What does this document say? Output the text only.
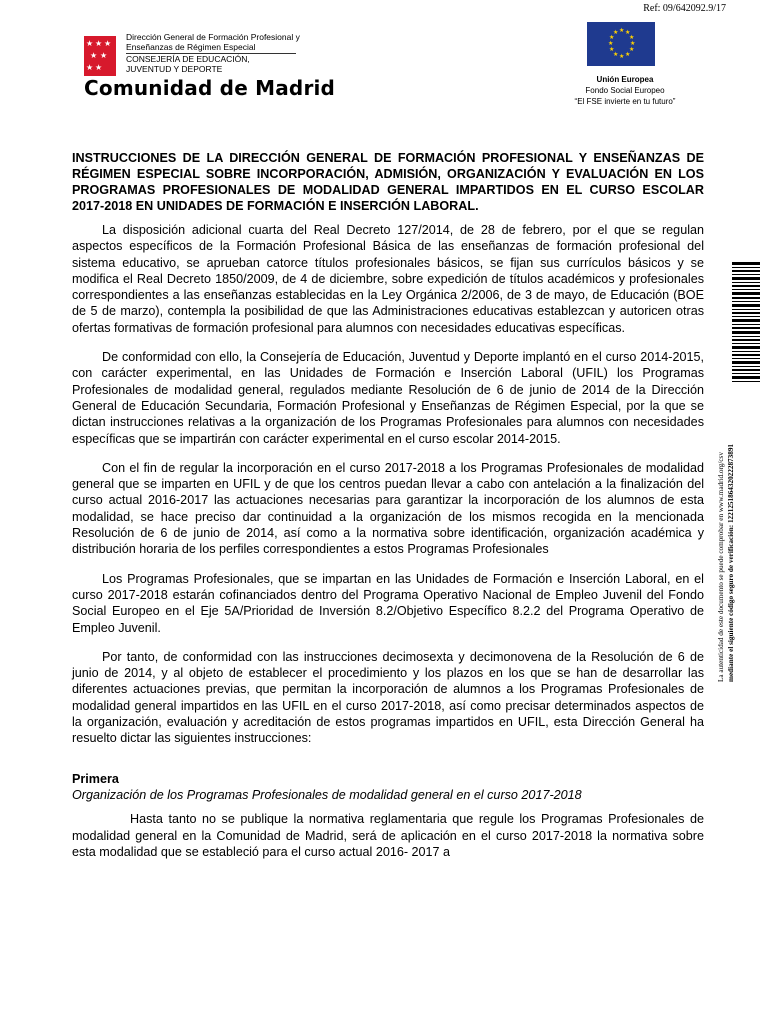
Ref: 09/642092.9/17
★ ★ ★
★ ★
★ ★
Dirección General de Formación Profesional y
Enseñanzas de Régimen Especial
CONSEJERÍA DE EDUCACIÓN,
JUVENTUD Y DEPORTE
Comunidad de Madrid
★ ★
★
★
★
★
★
★
★
★
★
★
Unión Europea
Fondo Social Europeo
“El FSE invierte en tu futuro”
La autenticidad de este documento se puede comprobar en www.madrid.org/csv mediante el siguiente código seguro de verificación: 1221251864320222873891

INSTRUCCIONES DE LA DIRECCIÓN GENERAL DE FORMACIÓN PROFESIONAL Y ENSEÑANZAS DE RÉGIMEN ESPECIAL SOBRE INCORPORACIÓN, ADMISIÓN, ORGANIZACIÓN Y EVALUACIÓN EN LOS PROGRAMAS PROFESIONALES DE MODALIDAD GENERAL IMPARTIDOS EN EL CURSO ESCOLAR 2017-2018 EN UNIDADES DE FORMACIÓN E INSERCIÓN LABORAL.

La disposición adicional cuarta del Real Decreto 127/2014, de 28 de febrero, por el que se regulan aspectos específicos de la Formación Profesional Básica de las enseñanzas de formación profesional del sistema educativo, se aprueban catorce títulos profesionales básicos, se fijan sus currículos básicos y se modifica el Real Decreto 1850/2009, de 4 de diciembre, sobre expedición de títulos académicos y profesionales correspondientes a las enseñanzas establecidas en la Ley Orgánica 2/2006, de 3 de mayo, de Educación (BOE de 5 de marzo), contempla la posibilidad de que las Administraciones educativas establezcan y autoricen otras ofertas formativas de formación profesional para alumnos con necesidades educativas específicas.

De conformidad con ello, la Consejería de Educación, Juventud y Deporte implantó en el curso 2014-2015, con carácter experimental, en las Unidades de Formación e Inserción Laboral (UFIL) los Programas Profesionales de modalidad general, regulados mediante Resolución de 6 de junio de 2014 de la Dirección General de Educación Secundaria, Formación Profesional y Enseñanzas de Régimen Especial, por la que se dictan instrucciones relativas a la organización de los Programas Profesionales para alumnos con necesidades específicas que se impartirán con carácter experimental en el curso escolar 2014-2015.

Con el fin de regular la incorporación en el curso 2017-2018 a los Programas Profesionales de modalidad general que se imparten en UFIL y de que los centros puedan llevar a cabo con antelación a la finalización del curso actual 2016-2017 las actuaciones necesarias para garantizar la incorporación de los alumnos de esta modalidad, se hace preciso dar continuidad a la organización de los mismos recogida en la mencionada Resolución de 6 de junio de 2014, así como a la normativa sobre identificación, organización académica y distribución horaria de los perfiles correspondientes a estos Programas Profesionales

Los Programas Profesionales, que se impartan en las Unidades de Formación e Inserción Laboral, en el curso 2017-2018 estarán cofinanciados dentro del Programa Operativo Nacional de Empleo Juvenil del Fondo Social Europeo en el Eje 5A/Prioridad de Inversión 8.2/Objetivo Específico 8.2.2 del Programa Operativo de Empleo Juvenil.

Por tanto, de conformidad con las instrucciones decimosexta y decimonovena de la Resolución de 6 de junio de 2014, y al objeto de establecer el procedimiento y los plazos en los que se han de desarrollar las diferentes actuaciones previas, que permitan la incorporación de alumnos a los Programas Profesionales de modalidad general impartidos en las UFIL en el curso 2017-2018, así como precisar determinados aspectos de la organización, evaluación y acreditación de estos programas impartidos en UFIL, esta Dirección General ha resuelto dictar las siguientes instrucciones:

Primera

Organización de los Programas Profesionales de modalidad general en el curso 2017-2018

Hasta tanto no se publique la normativa reglamentaria que regule los Programas Profesionales de modalidad general en la Comunidad de Madrid, será de aplicación en el curso 2017-2018 la normativa sobre esta modalidad que se estableció para el curso actual 2016- 2017 a
